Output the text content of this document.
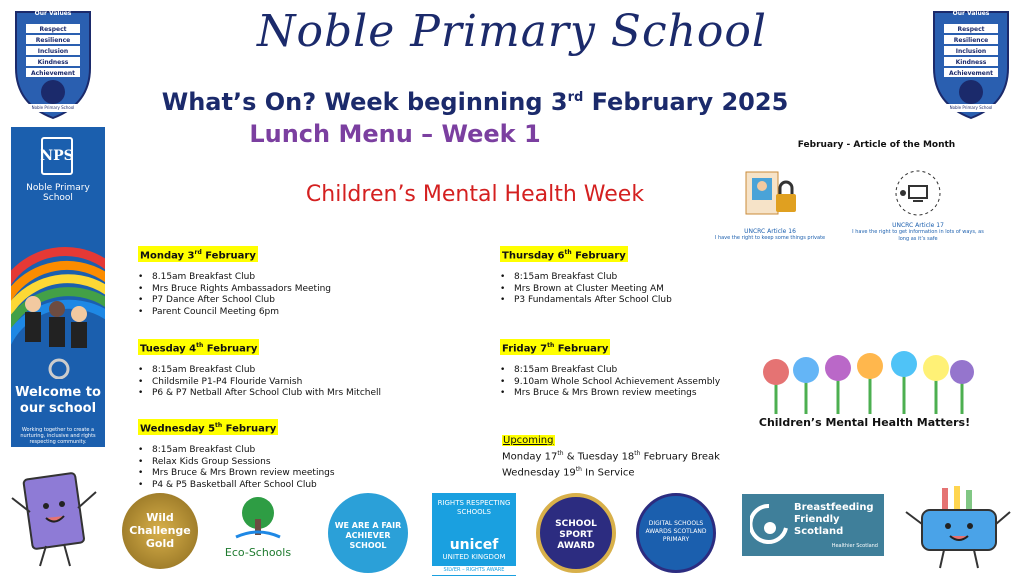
Our Values
Respect
Resilience
Inclusion
Kindness
Achievement
Noble Primary School
Our Values
Respect
Resilience
Inclusion
Kindness
Achievement
Noble Primary School
Noble Primary School
What’s On? Week beginning 3rd February 2025
Lunch Menu – Week 1
Children’s Mental Health Week
NPS
Noble Primary School
Welcome to our school
Working together to create a nurturing, inclusive and rights respecting community.
Monday 3rd February
• 8.15am Breakfast Club
• Mrs Bruce Rights Ambassadors Meeting
• P7 Dance After School Club
• Parent Council Meeting 6pm
Tuesday 4th February
• 8:15am Breakfast Club
• Childsmile P1-P4 Flouride Varnish
• P6 & P7 Netball After School Club with Mrs Mitchell
Wednesday 5th February
• 8:15am Breakfast Club
• Relax Kids Group Sessions
• Mrs Bruce & Mrs Brown review meetings
• P4 & P5 Basketball After School Club
Thursday 6th February
• 8:15am Breakfast Club
• Mrs Brown at Cluster Meeting AM
• P3 Fundamentals After School Club
Friday 7th February
• 8:15am Breakfast Club
• 9.10am Whole School Achievement Assembly
• Mrs Bruce & Mrs Brown review meetings
Upcoming
Monday 17th & Tuesday 18th February Break
Wednesday 19th In Service
February - Article of the Month
UNCRC Article 16
I have the right to keep some things private
UNCRC Article 17
I have the right to get information in lots of ways, as long as it’s safe
Children’s Mental Health Matters!
Wild Challenge Gold
Eco-Schools
WE ARE A FAIR ACHIEVER SCHOOL
RIGHTS RESPECTING SCHOOLS
unicef
UNITED KINGDOM
SILVER – RIGHTS AWARE
SCHOOL SPORT AWARD
DIGITAL SCHOOLS AWARDS SCOTLAND PRIMARY
Breastfeeding Friendly Scotland
Healthier Scotland
